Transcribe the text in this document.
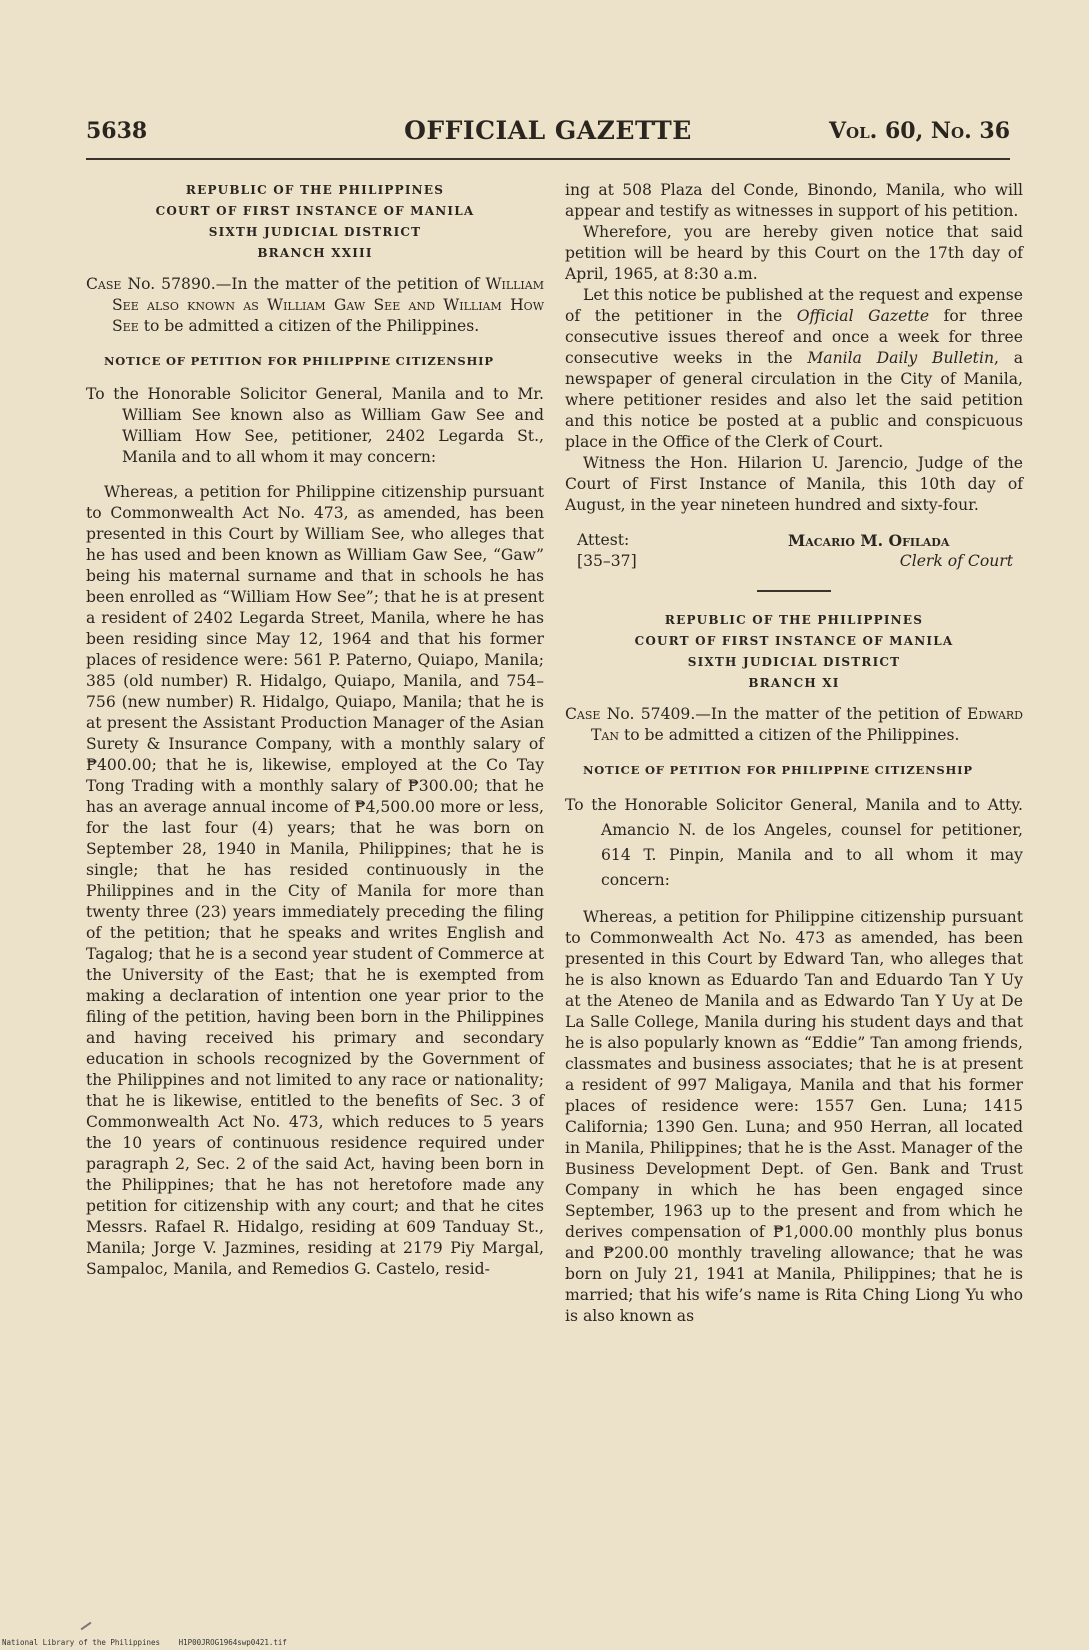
5638	OFFICIAL GAZETTE	Vol. 60, No. 36

REPUBLIC OF THE PHILIPPINES

COURT OF FIRST INSTANCE OF MANILA

SIXTH JUDICIAL DISTRICT

BRANCH XXIII

Case No. 57890.—In the matter of the petition of William See also known as William Gaw See and William How See to be admitted a citizen of the Philippines.

NOTICE OF PETITION FOR PHILIPPINE CITIZENSHIP

To the Honorable Solicitor General, Manila and to Mr. William See known also as William Gaw See and William How See, petitioner, 2402 Legarda St., Manila and to all whom it may concern:

Whereas, a petition for Philippine citizenship pursuant to Commonwealth Act No. 473, as amended, has been presented in this Court by William See, who alleges that he has used and been known as William Gaw See, “Gaw” being his maternal surname and that in schools he has been enrolled as “William How See”; that he is at present a resident of 2402 Legarda Street, Manila, where he has been residing since May 12, 1964 and that his former places of residence were: 561 P. Paterno, Quiapo, Manila; 385 (old number) R. Hidalgo, Quiapo, Manila, and 754–756 (new number) R. Hidalgo, Quiapo, Manila; that he is at present the Assistant Production Manager of the Asian Surety & Insurance Company, with a monthly salary of ₱400.00; that he is, likewise, employed at the Co Tay Tong Trading with a monthly salary of ₱300.00; that he has an average annual income of ₱4,500.00 more or less, for the last four (4) years; that he was born on September 28, 1940 in Manila, Philippines; that he is single; that he has resided continuously in the Philippines and in the City of Manila for more than twenty three (23) years immediately preceding the filing of the petition; that he speaks and writes English and Tagalog; that he is a second year student of Commerce at the University of the East; that he is exempted from making a declaration of intention one year prior to the filing of the petition, having been born in the Philippines and having received his primary and secondary education in schools recognized by the Government of the Philippines and not limited to any race or nationality; that he is likewise, entitled to the benefits of Sec. 3 of Commonwealth Act No. 473, which reduces to 5 years the 10 years of continuous residence required under paragraph 2, Sec. 2 of the said Act, having been born in the Philippines; that he has not heretofore made any petition for citizenship with any court; and that he cites Messrs. Rafael R. Hidalgo, residing at 609 Tanduay St., Manila; Jorge V. Jazmines, residing at 2179 Piy Margal, Sampaloc, Manila, and Remedios G. Castelo, resid-

ing at 508 Plaza del Conde, Binondo, Manila, who will appear and testify as witnesses in support of his petition.

Wherefore, you are hereby given notice that said petition will be heard by this Court on the 17th day of April, 1965, at 8:30 a.m.

Let this notice be published at the request and expense of the petitioner in the Official Gazette for three consecutive issues thereof and once a week for three consecutive weeks in the Manila Daily Bulletin, a newspaper of general circulation in the City of Manila, where petitioner resides and also let the said petition and this notice be posted at a public and conspicuous place in the Office of the Clerk of Court.

Witness the Hon. Hilarion U. Jarencio, Judge of the Court of First Instance of Manila, this 10th day of August, in the year nineteen hundred and sixty-four.

Attest:
[35–37]
Macario M. Ofilada
Clerk of Court

REPUBLIC OF THE PHILIPPINES

COURT OF FIRST INSTANCE OF MANILA

SIXTH JUDICIAL DISTRICT

BRANCH XI

Case No. 57409.—In the matter of the petition of Edward Tan to be admitted a citizen of the Philippines.

NOTICE OF PETITION FOR PHILIPPINE CITIZENSHIP

To the Honorable Solicitor General, Manila and to Atty. Amancio N. de los Angeles, counsel for petitioner, 614 T. Pinpin, Manila and to all whom it may concern:

Whereas, a petition for Philippine citizenship pursuant to Commonwealth Act No. 473 as amended, has been presented in this Court by Edward Tan, who alleges that he is also known as Eduardo Tan and Eduardo Tan Y Uy at the Ateneo de Manila and as Edwardo Tan Y Uy at De La Salle College, Manila during his student days and that he is also popularly known as “Eddie” Tan among friends, classmates and business associates; that he is at present a resident of 997 Maligaya, Manila and that his former places of residence were: 1557 Gen. Luna; 1415 California; 1390 Gen. Luna; and 950 Herran, all located in Manila, Philippines; that he is the Asst. Manager of the Business Development Dept. of Gen. Bank and Trust Company in which he has been engaged since September, 1963 up to the present and from which he derives compensation of ₱1,000.00 monthly plus bonus and ₱200.00 monthly traveling allowance; that he was born on July 21, 1941 at Manila, Philippines; that he is married; that his wife’s name is Rita Ching Liong Yu who is also known as

National Library of the Philippines H1P00JROG1964swp0421.tif
